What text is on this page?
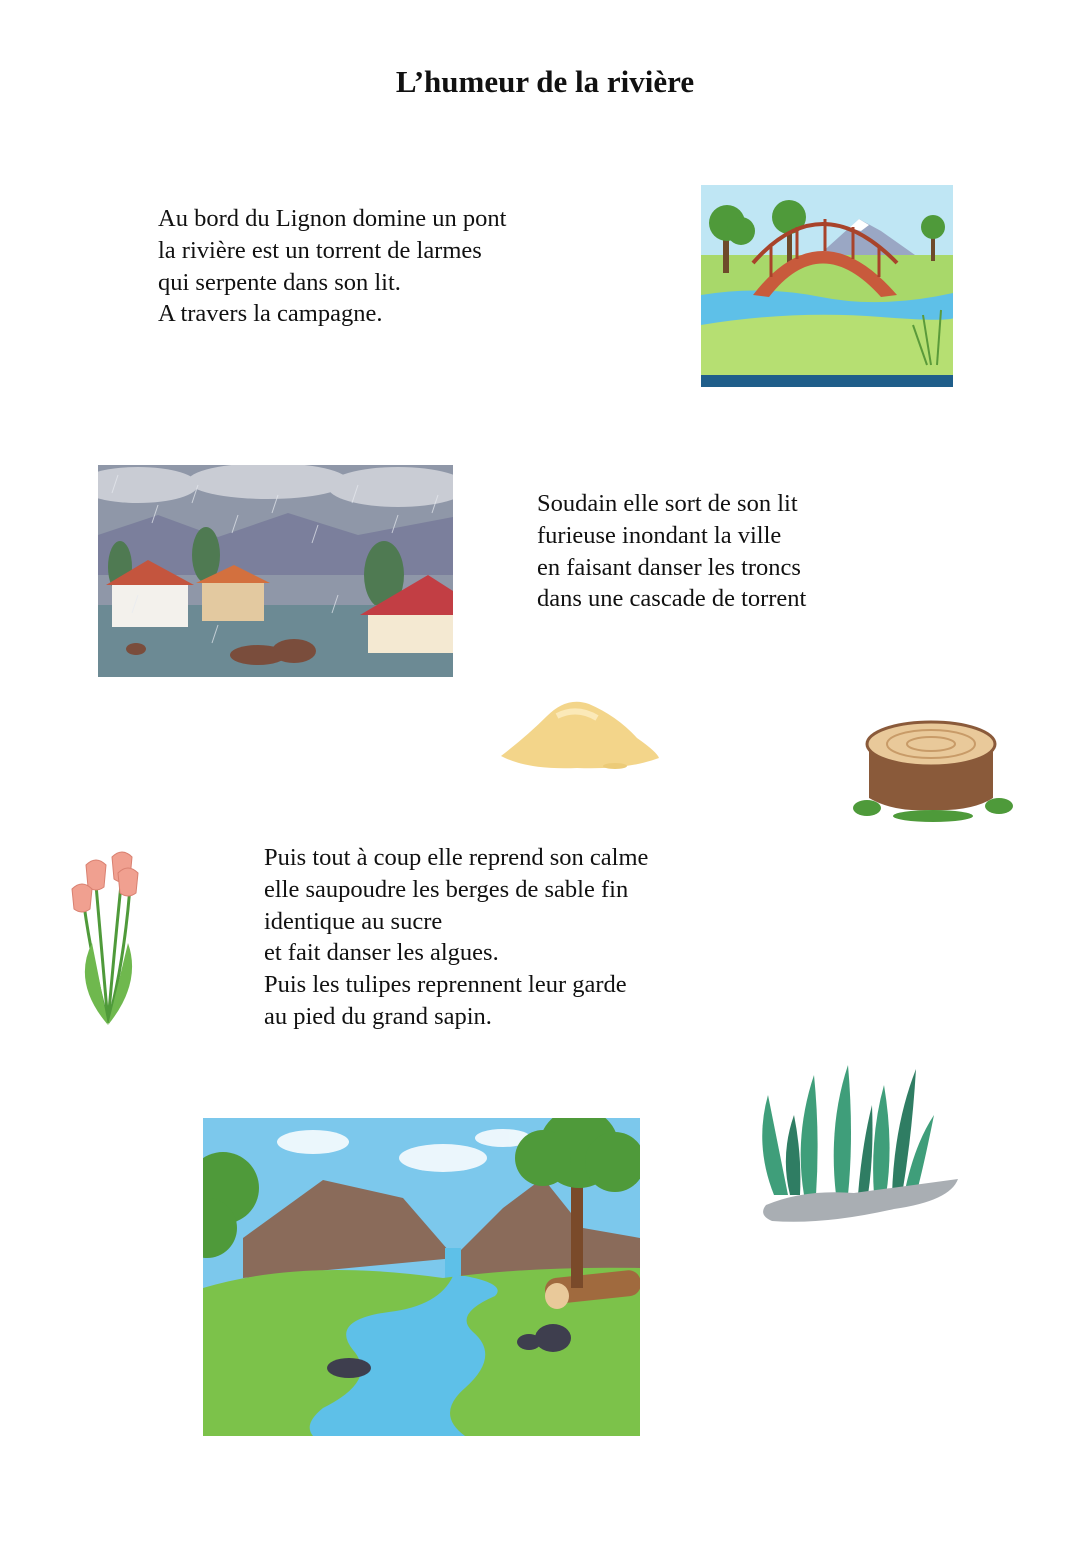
L’humeur de la rivière
Au bord du Lignon domine un pont
la rivière est un torrent de larmes
qui serpente dans son lit.
A travers la campagne.
Soudain elle sort de son lit
furieuse inondant la ville
en faisant danser les troncs
dans une cascade de torrent
Puis tout à coup elle reprend son calme
elle saupoudre les berges de sable fin
identique au sucre
et fait danser les algues.
Puis les tulipes reprennent leur garde
au pied du grand sapin.
